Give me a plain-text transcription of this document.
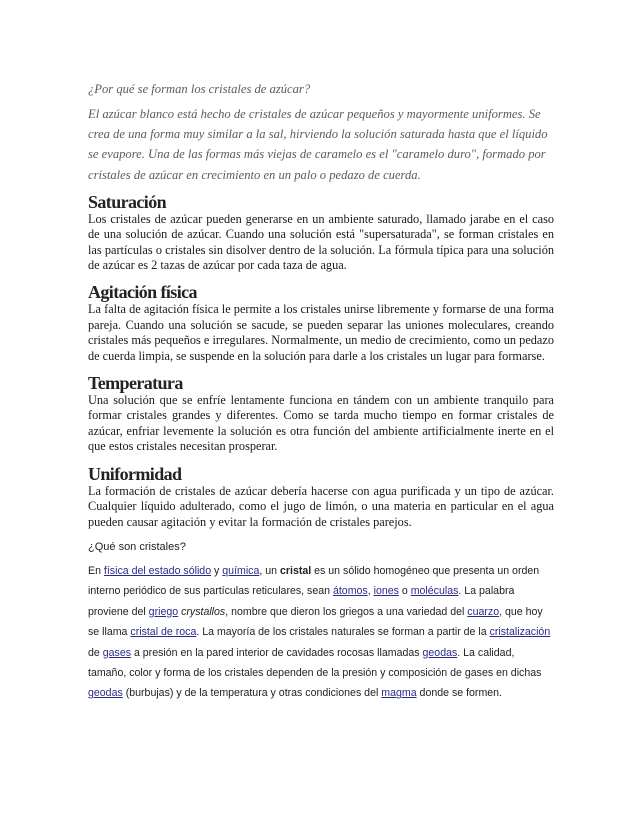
¿Por qué se forman los cristales de azúcar?

El azúcar blanco está hecho de cristales de azúcar pequeños y mayormente uniformes. Se crea de una forma muy similar a la sal, hirviendo la solución saturada hasta que el líquido se evapore. Una de las formas más viejas de caramelo es el "caramelo duro", formado por cristales de azúcar en crecimiento en un palo o pedazo de cuerda.

Saturación

Los cristales de azúcar pueden generarse en un ambiente saturado, llamado jarabe en el caso de una solución de azúcar. Cuando una solución está "supersaturada", se forman cristales en las partículas o cristales sin disolver dentro de la solución. La fórmula típica para una solución de azúcar es 2 tazas de azúcar por cada taza de agua.

Agitación física

La falta de agitación física le permite a los cristales unirse libremente y formarse de una forma pareja. Cuando una solución se sacude, se pueden separar las uniones moleculares, creando cristales más pequeños e irregulares. Normalmente, un medio de crecimiento, como un pedazo de cuerda limpia, se suspende en la solución para darle a los cristales un lugar para formarse.

Temperatura

Una solución que se enfríe lentamente funciona en tándem con un ambiente tranquilo para formar cristales grandes y diferentes. Como se tarda mucho tiempo en formar cristales de azúcar, enfriar levemente la solución es otra función del ambiente artificialmente inerte en el que estos cristales necesitan prosperar.

Uniformidad

La formación de cristales de azúcar debería hacerse con agua purificada y un tipo de azúcar. Cualquier líquido adulterado, como el jugo de limón, o una materia en particular en el agua pueden causar agitación y evitar la formación de cristales parejos.

¿Qué son cristales?

En física del estado sólido y química, un cristal es un sólido homogéneo que presenta un orden interno periódico de sus partículas reticulares, sean átomos, iones o moléculas. La palabra proviene del griego crystallos, nombre que dieron los griegos a una variedad del cuarzo, que hoy se llama cristal de roca. La mayoría de los cristales naturales se forman a partir de la cristalización de gases a presión en la pared interior de cavidades rocosas llamadas geodas. La calidad, tamaño, color y forma de los cristales dependen de la presión y composición de gases en dichas geodas (burbujas) y de la temperatura y otras condiciones del magma donde se formen.
